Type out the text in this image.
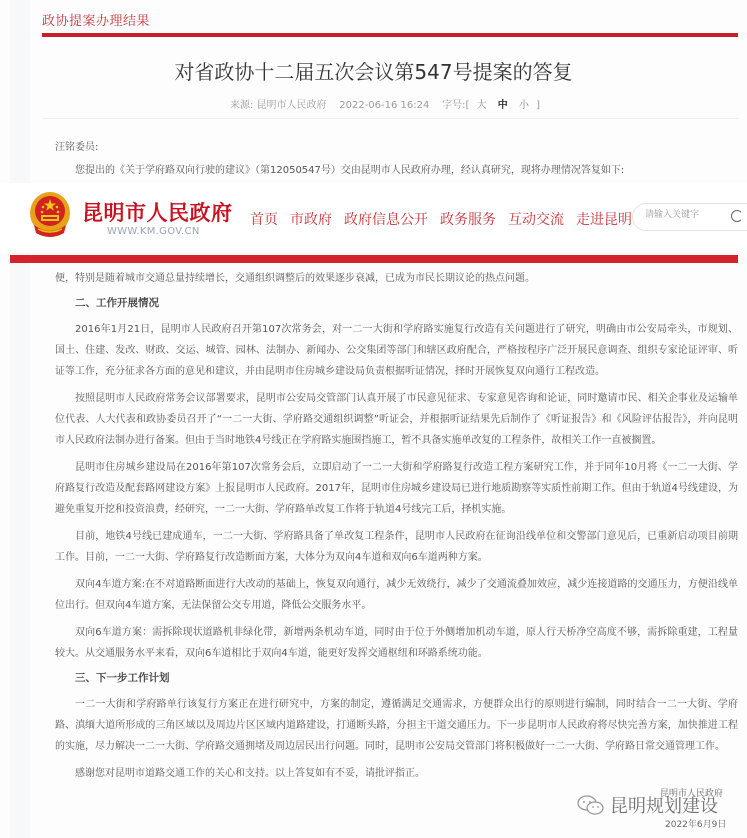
政协提案办理结果
对省政协十二届五次会议第547号提案的答复
来源: 昆明市人民政府 2022-06-16 16:24 字号:[ 大 中 小 ]
汪铭委员:
您提出的《关于学府路双向行驶的建议》（第12050547号）交由昆明市人民政府办理，经认真研究，现将办理情况答复如下:
昆明市人民政府
WWW.KM.GOV.CN
首页 市政府 政府信息公开 政务服务 互动交流 走进昆明
请输入关键字

便，特别是随着城市交通总量持续增长，交通组织调整后的效果逐步衰减，已成为市民长期议论的热点问题。

二、工作开展情况

2016年1月21日，昆明市人民政府召开第107次常务会，对一二一大街和学府路实施复行改造有关问题进行了研究，明确由市公安局牵头，市规划、国土、住建、发改、财政、交运、城管、园林、法制办、新闻办、公交集团等部门和辖区政府配合，严格按程序广泛开展民意调查、组织专家论证评审、听证等工作，充分征求各方面的意见和建议，并由昆明市住房城乡建设局负责根据听证情况，择时开展恢复双向通行工程改造。

按照昆明市人民政府常务会议部署要求，昆明市公安局交管部门认真开展了市民意见征求、专家意见咨询和论证，同时邀请市民、相关企事业及运输单位代表、人大代表和政协委员召开了“一二一大街、学府路交通组织调整”听证会，并根据听证结果先后制作了《听证报告》和《风险评估报告》，并向昆明市人民政府法制办进行备案。但由于当时地铁4号线正在学府路实施围挡施工，暂不具备实施单改复的工程条件，故相关工作一直被搁置。

昆明市住房城乡建设局在2016年第107次常务会后，立即启动了一二一大街和学府路复行改造工程方案研究工作，并于同年10月将《一二一大街、学府路复行改造及配套路网建设方案》上报昆明市人民政府。2017年，昆明市住房城乡建设局已进行地质勘察等实质性前期工作。但由于轨道4号线建设，为避免重复开挖和投资浪费，经研究，一二一大街、学府路单改复工作将于轨道4号线完工后，择机实施。

目前，地铁4号线已建成通车，一二一大街、学府路具备了单改复工程条件，昆明市人民政府在征询沿线单位和交警部门意见后，已重新启动项目前期工作。目前，一二一大街、学府路复行改造断面方案，大体分为双向4车道和双向6车道两种方案。

双向4车道方案:在不对道路断面进行大改动的基础上，恢复双向通行，减少无效绕行，减少了交通流叠加效应，减少连接道路的交通压力，方便沿线单位出行。但双向4车道方案，无法保留公交专用道，降低公交服务水平。

双向6车道方案：需拆除现状道路机非绿化带，新增两条机动车道，同时由于位于外侧增加机动车道，原人行天桥净空高度不够，需拆除重建，工程量较大。从交通服务水平来看，双向6车道相比于双向4车道，能更好发挥交通枢纽和环路系统功能。

三、下一步工作计划

一二一大街和学府路单行该复行方案正在进行研究中，方案的制定，遵循满足交通需求，方便群众出行的原则进行编制，同时结合一二一大街、学府路、滇缅大道所形成的三角区域以及周边片区区域内道路建设，打通断头路，分担主干道交通压力。下一步昆明市人民政府将尽快完善方案，加快推进工程的实施，尽力解决一二一大街、学府路交通拥堵及周边居民出行问题。同时，昆明市公安局交管部门将积极做好一二一大街、学府路日常交通管理工作。

感谢您对昆明市道路交通工作的关心和支持。以上答复如有不妥，请批评指正。

昆明规划建设
昆明市人民政府
2022年6月9日
